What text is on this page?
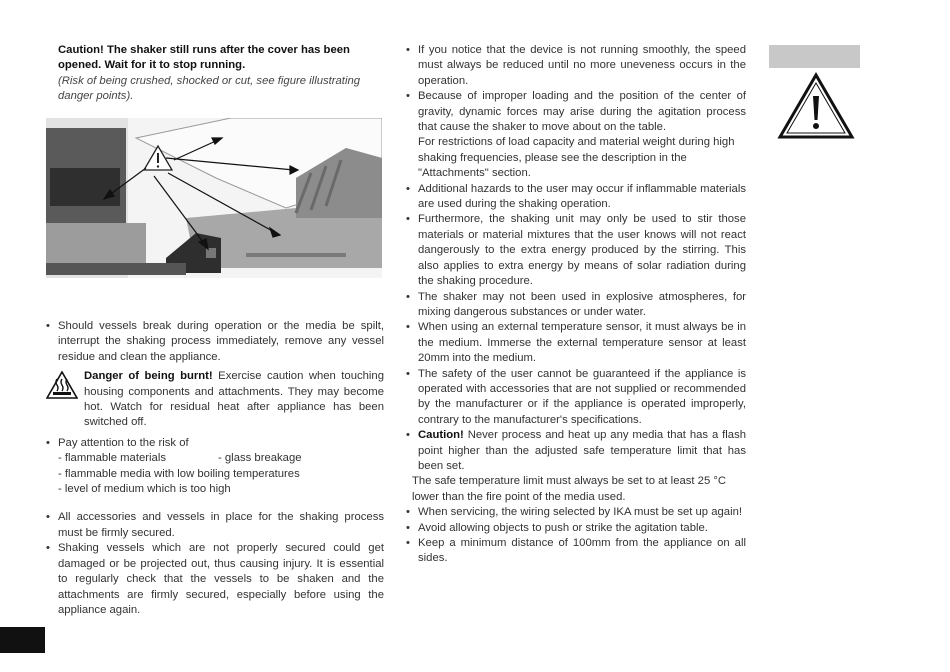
Caution! The shaker still runs after the cover has been opened. Wait for it to stop running.
(Risk of being crushed, shocked or cut, see figure illustrating danger points).

• Should vessels break during operation or the media be spilt, interrupt the shaking process immediately, remove any vessel residue and clean the appliance.

Danger of being burnt! Exercise caution when touching housing components and attachments. They may become hot. Watch for residual heat after appliance has been switched off.

• Pay attention to the risk of

- flammable materials	- glass breakage
- flammable media with low boiling temperatures
- level of medium which is too high

• All accessories and vessels in place for the shaking process must be firmly secured.

• Shaking vessels which are not properly secured could get damaged or be projected out, thus causing injury. It is essential to regularly check that the vessels to be shaken and the attachments are firmly secured, especially before using the appliance again.

• If you notice that the device is not running smoothly, the speed must always be reduced until no more uneveness occurs in the operation.

• Because of improper loading and the position of the center of gravity, dynamic forces may arise during the agitation process that cause the shaker to move about on the table.

For restrictions of load capacity and material weight during high shaking frequencies, please see the description in the "Attachments" section.

• Additional hazards to the user may occur if inflammable materials are used during the shaking operation.

• Furthermore, the shaking unit may only be used to stir those materials or material mixtures that the user knows will not react dangerously to the extra energy produced by the stirring. This also applies to extra energy by means of solar radiation during the shaking procedure.

• The shaker may not been used in explosive atmospheres, for mixing dangerous substances or under water.

• When using an external temperature sensor, it must always be in the medium. Immerse the external temperature sensor at least 20mm into the medium.

• The safety of the user cannot be guaranteed if the appliance is operated with accessories that are not supplied or recommended by the manufacturer or if the appliance is operated improperly, contrary to the manufacturer's specifications.

• Caution! Never process and heat up any media that has a flash point higher than the adjusted safe temperature limit that has been set.

The safe temperature limit must always be set to at least 25 °C lower than the fire point of the media used.

• When servicing, the wiring selected by IKA must be set up again!

• Avoid allowing objects to push or strike the agitation table.

• Keep a minimum distance of 100mm from the appliance on all sides.
